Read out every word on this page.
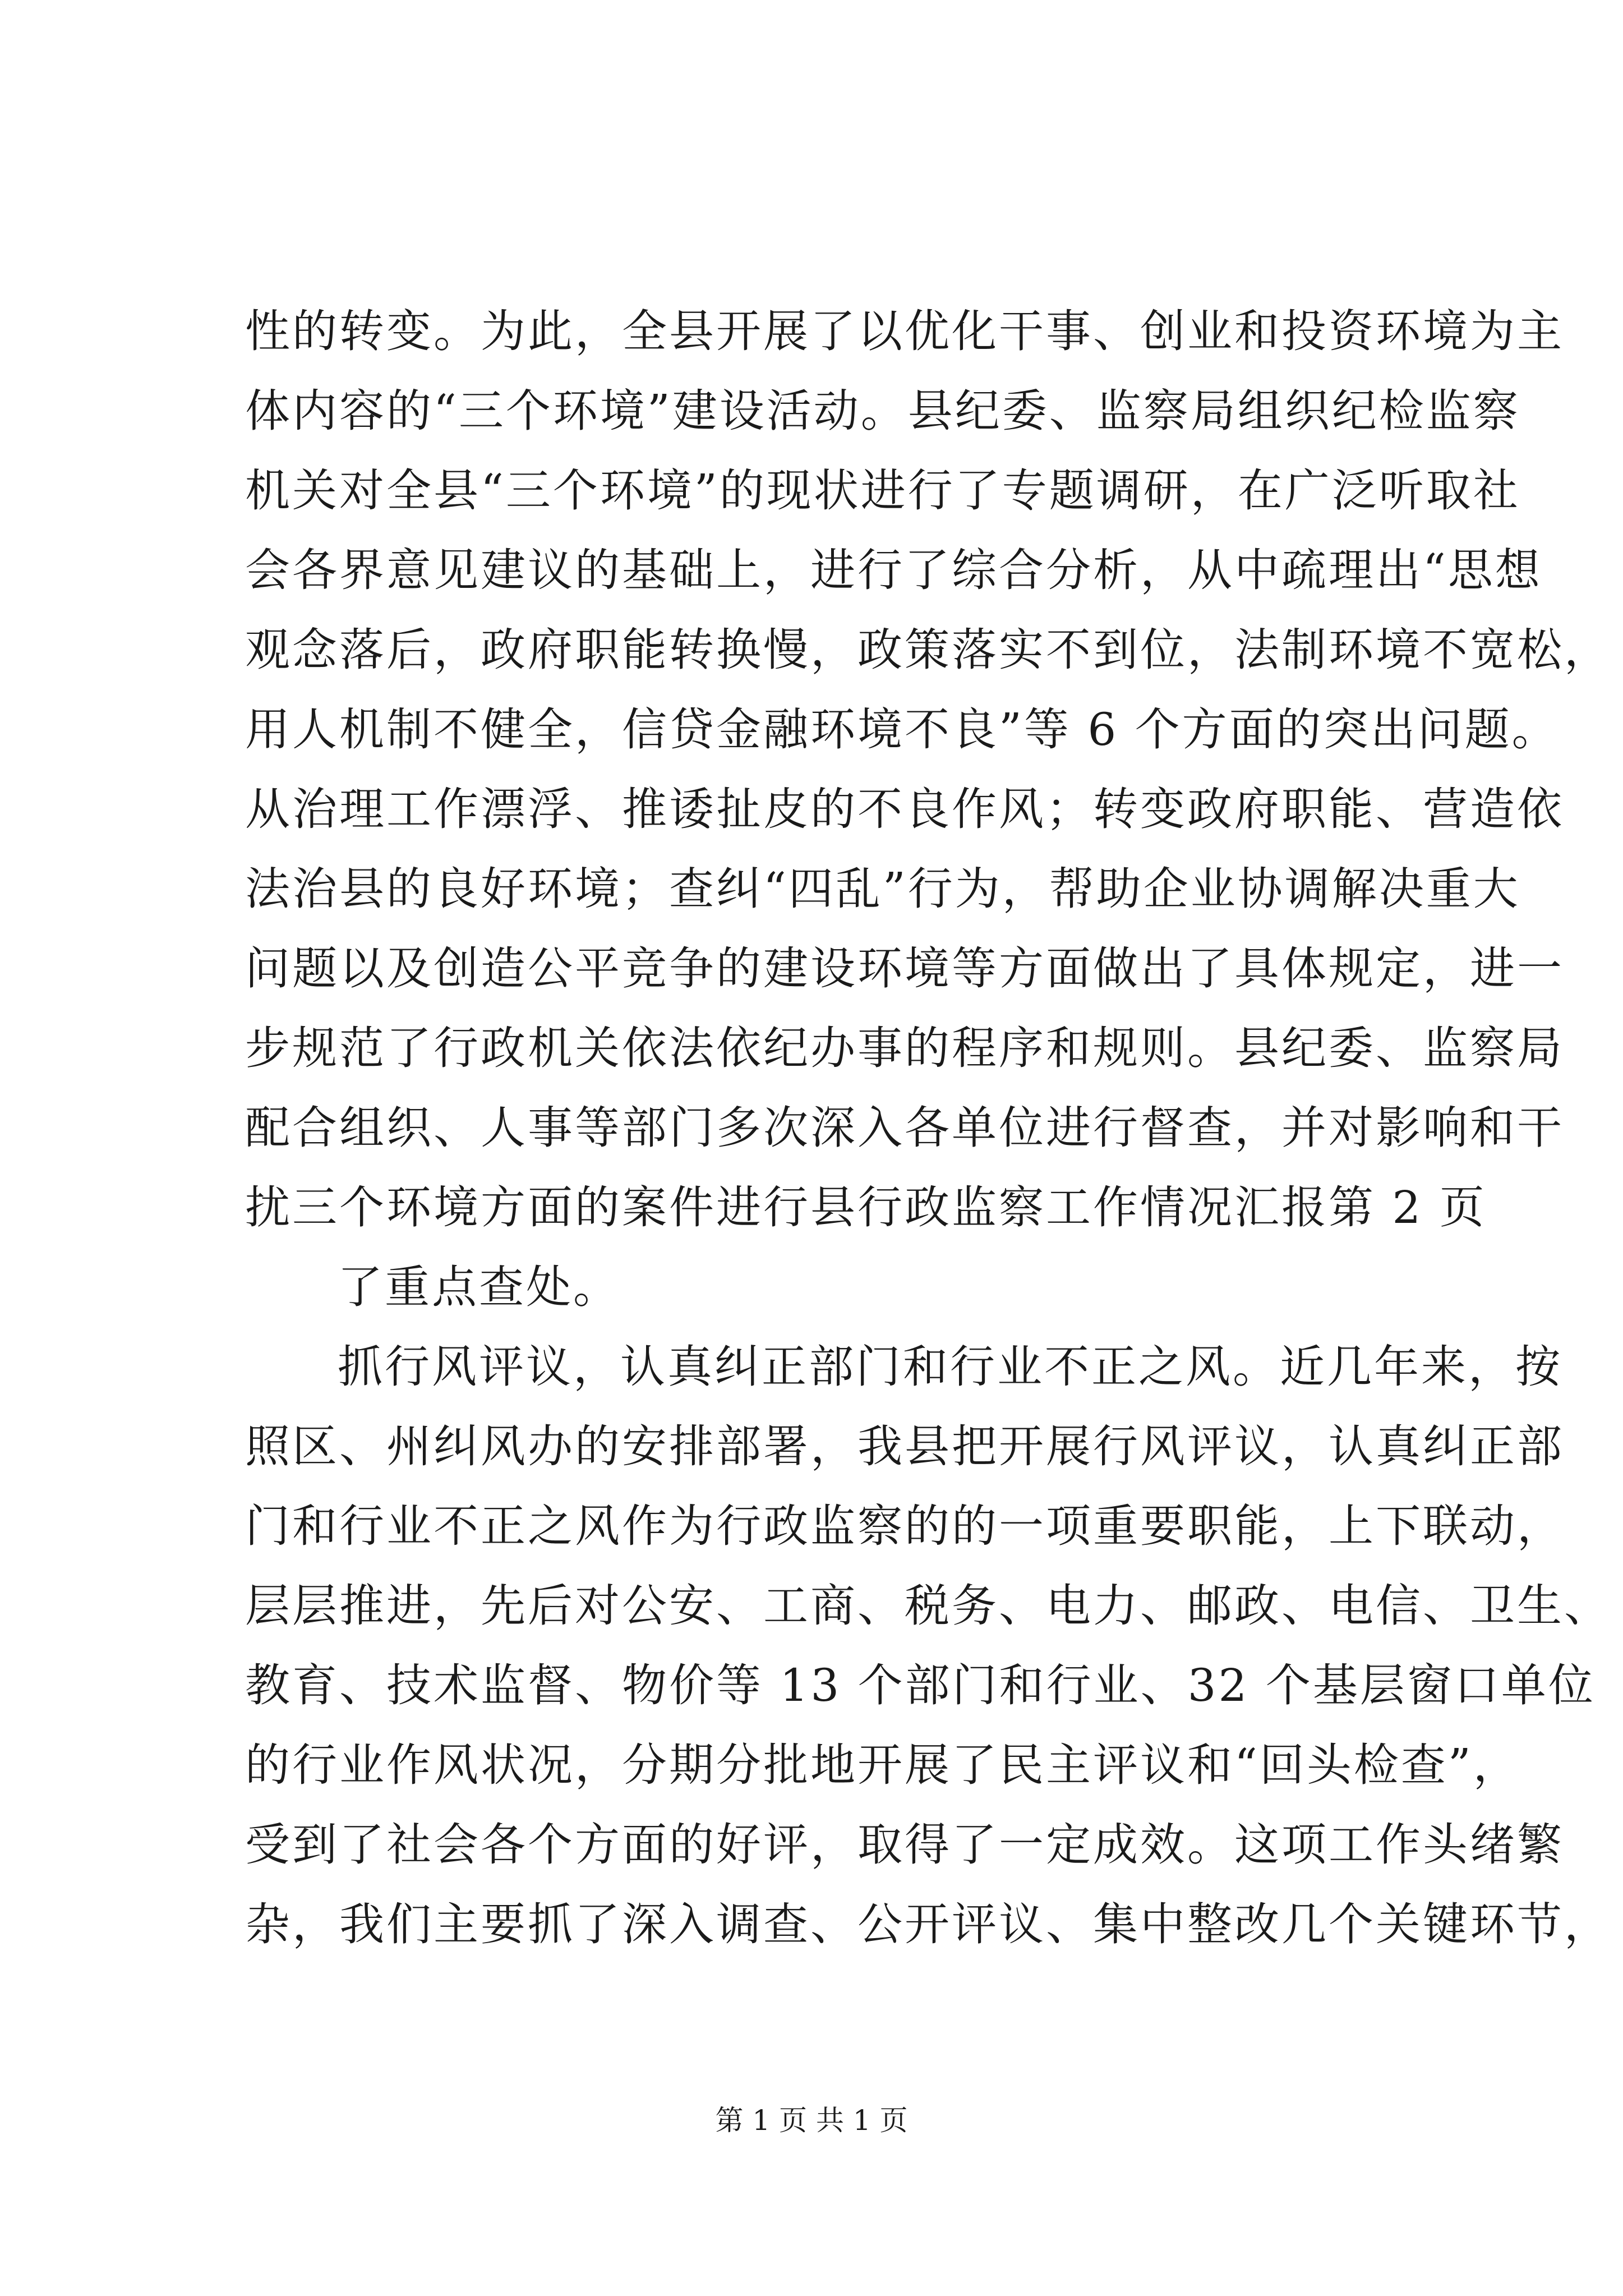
性的转变。为此，全县开展了以优化干事、创业和投资环境为主
体内容的“三个环境”建设活动。县纪委、监察局组织纪检监察
机关对全县“三个环境”的现状进行了专题调研，在广泛听取社
会各界意见建议的基础上，进行了综合分析，从中疏理出“思想
观念落后，政府职能转换慢，政策落实不到位，法制环境不宽松，
用人机制不健全，信贷金融环境不良”等 6 个方面的突出问题。
从治理工作漂浮、推诿扯皮的不良作风；转变政府职能、营造依
法治县的良好环境；查纠“四乱”行为，帮助企业协调解决重大
问题以及创造公平竞争的建设环境等方面做出了具体规定，进一
步规范了行政机关依法依纪办事的程序和规则。县纪委、监察局
配合组织、人事等部门多次深入各单位进行督查，并对影响和干
扰三个环境方面的案件进行县行政监察工作情况汇报第 2 页
了重点查处。
抓行风评议，认真纠正部门和行业不正之风。近几年来，按
照区、州纠风办的安排部署，我县把开展行风评议，认真纠正部
门和行业不正之风作为行政监察的的一项重要职能，上下联动，
层层推进，先后对公安、工商、税务、电力、邮政、电信、卫生、
教育、技术监督、物价等 13 个部门和行业、32 个基层窗口单位
的行业作风状况，分期分批地开展了民主评议和“回头检查”，
受到了社会各个方面的好评，取得了一定成效。这项工作头绪繁
杂，我们主要抓了深入调查、公开评议、集中整改几个关键环节，
第 1 页 共 1 页
